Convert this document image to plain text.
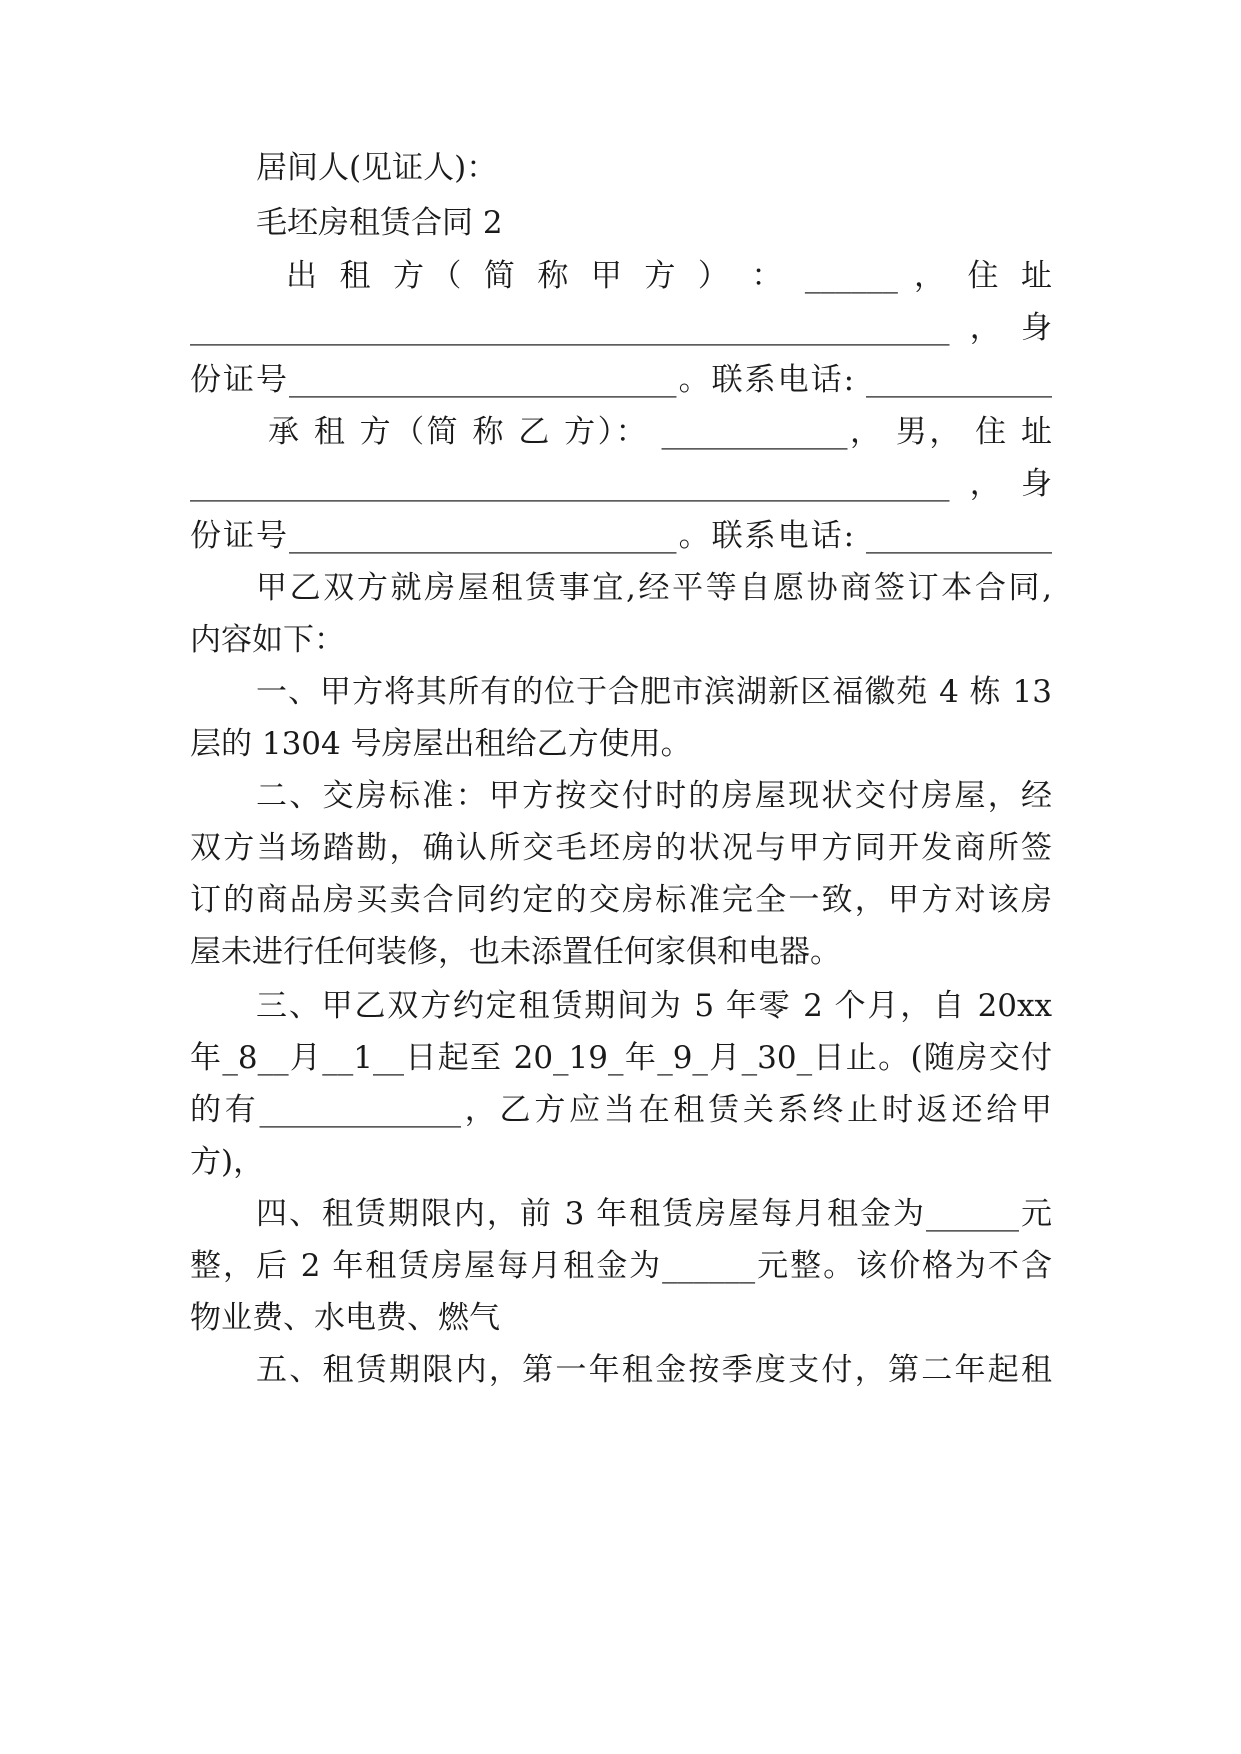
居间人(见证人)：
毛坯房租赁合同 2
出 租 方（ 简 称 甲 方 ） ： ______ ， 住 址
_________________________________________________，身
份证号_________________________。联系电话: ____________
承 租 方（简 称 乙 方）： ____________， 男， 住 址
_________________________________________________，身
份证号_________________________。联系电话: ____________
甲乙双方就房屋租赁事宜,经平等自愿协商签订本合同,
内容如下：
一、甲方将其所有的位于合肥市滨湖新区福徽苑 4 栋 13
层的 1304 号房屋出租给乙方使用。
二、交房标准：甲方按交付时的房屋现状交付房屋，经
双方当场踏勘，确认所交毛坯房的状况与甲方同开发商所签
订的商品房买卖合同约定的交房标准完全一致，甲方对该房
屋未进行任何装修，也未添置任何家俱和电器。
三、甲乙双方约定租赁期间为 5 年零 2 个月，自 20xx
年_8__月__1__日起至 20_19_年_9_月_30_日止。(随房交付
的有_____________，乙方应当在租赁关系终止时返还给甲
方)，
四、租赁期限内，前 3 年租赁房屋每月租金为______元
整，后 2 年租赁房屋每月租金为______元整。该价格为不含
物业费、水电费、燃气
五、租赁期限内，第一年租金按季度支付，第二年起租
